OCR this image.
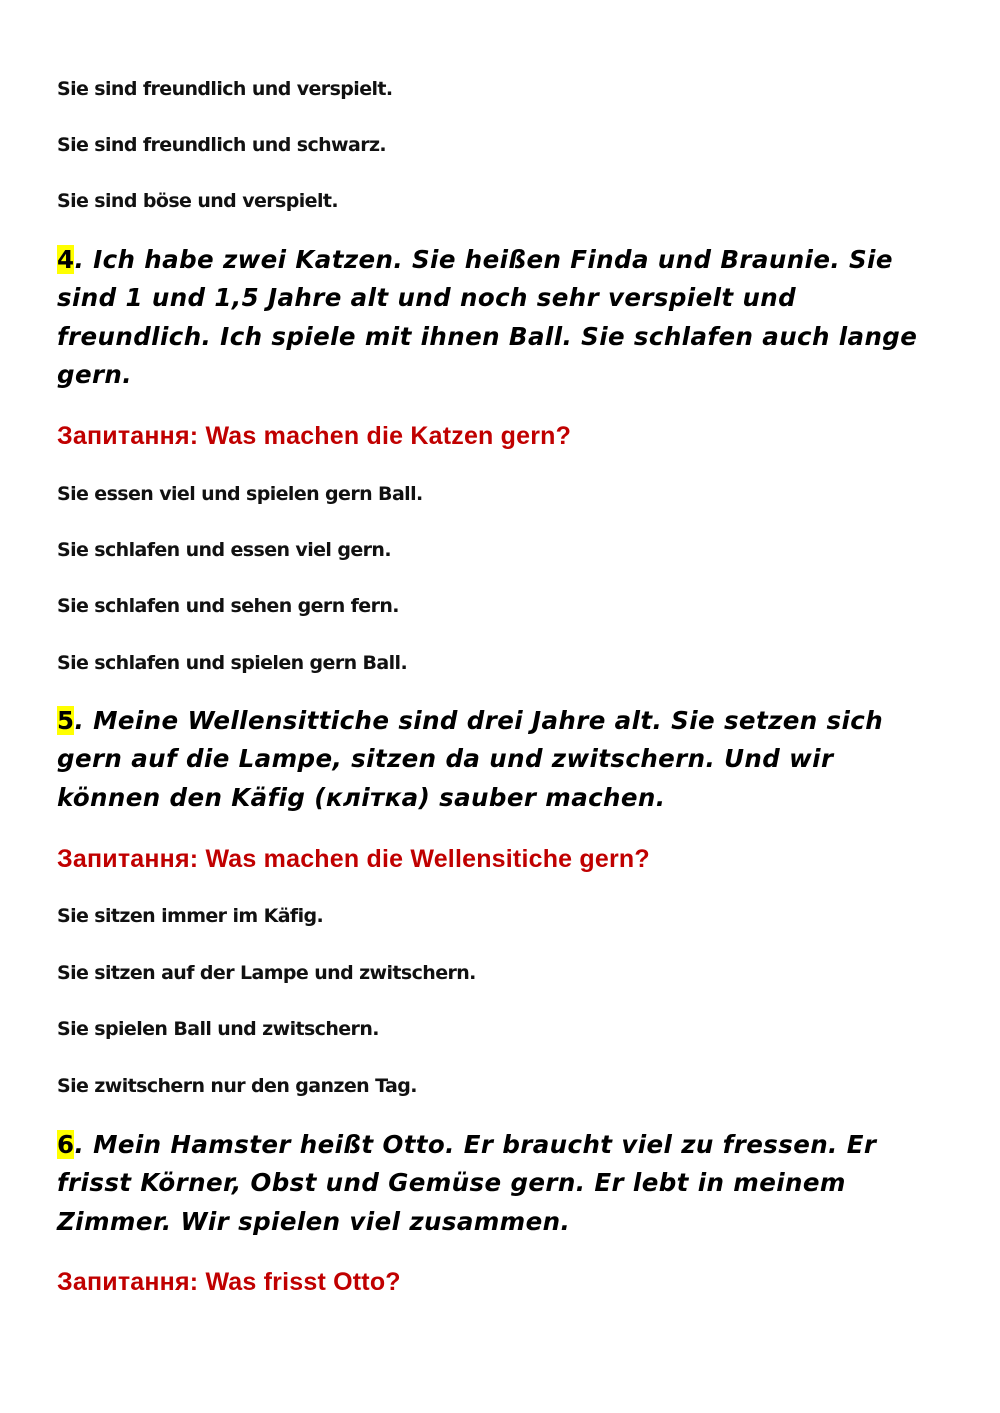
Sie sind freundlich und verspielt.

Sie sind freundlich und schwarz.

Sie sind böse und verspielt.

4. Ich habe zwei Katzen. Sie heißen Finda und Braunie. Sie
sind 1 und 1,5 Jahre alt und noch sehr verspielt und
freundlich. Ich spiele mit ihnen Ball. Sie schlafen auch lange
gern.

Запитання: Was machen die Katzen gern?

Sie essen viel und spielen gern Ball.

Sie schlafen und essen viel gern.

Sie schlafen und sehen gern fern.

Sie schlafen und spielen gern Ball.

5. Meine Wellensittiche sind drei Jahre alt. Sie setzen sich
gern auf die Lampe, sitzen da und zwitschern. Und wir
können den Käfig (клітка) sauber machen.

Запитання: Was machen die Wellensitiche gern?

Sie sitzen immer im Käfig.

Sie sitzen auf der Lampe und zwitschern.

Sie spielen Ball und zwitschern.

Sie zwitschern nur den ganzen Tag.

6. Mein Hamster heißt Otto. Er braucht viel zu fressen. Er
frisst Körner, Obst und Gemüse gern. Er lebt in meinem
Zimmer. Wir spielen viel zusammen.

Запитання: Was frisst Otto?
